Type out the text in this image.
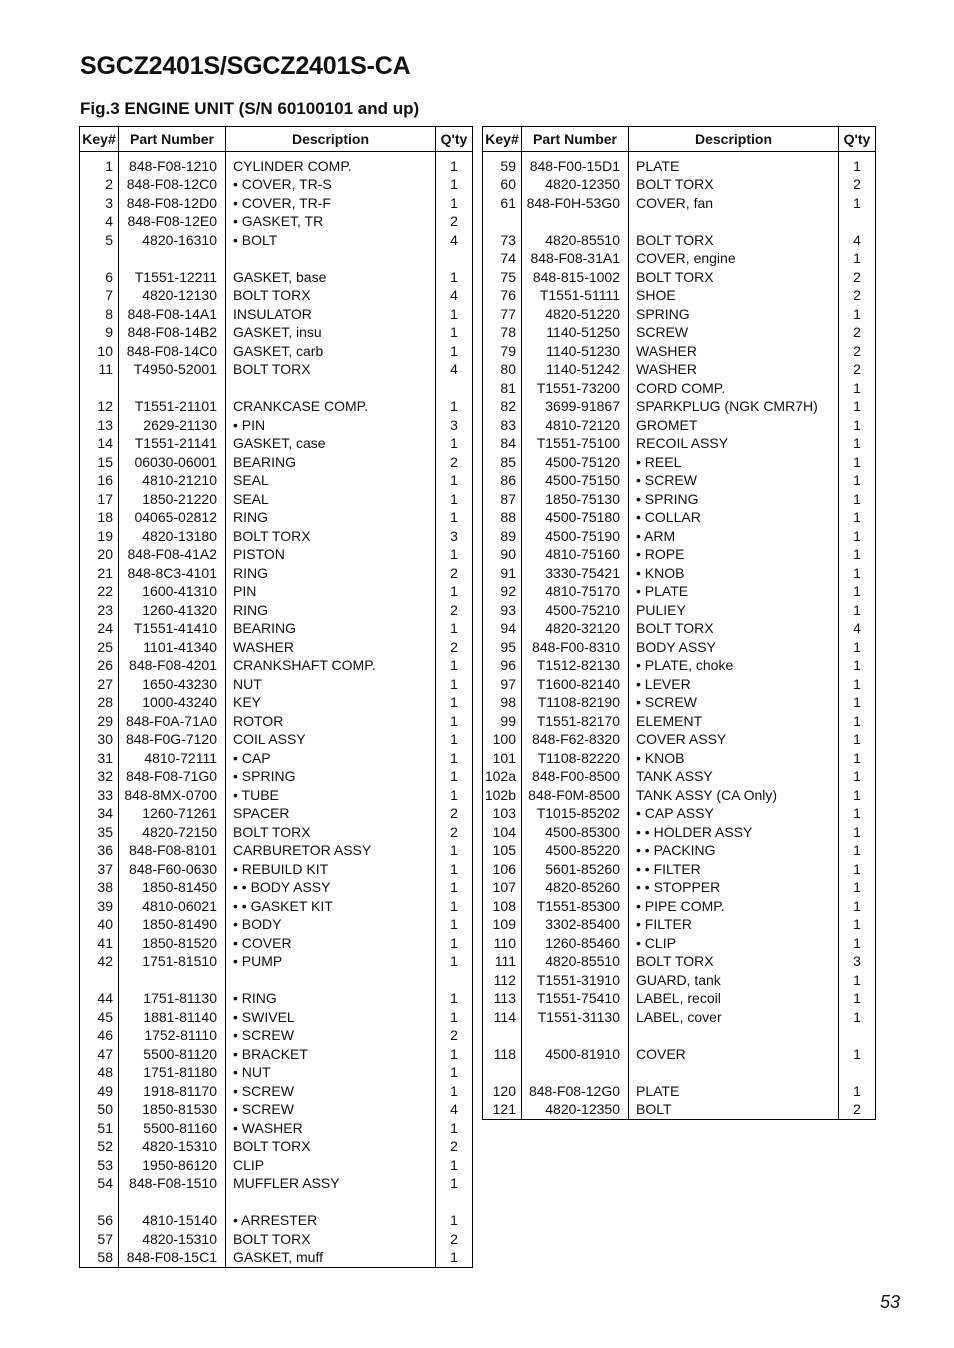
SGCZ2401S/SGCZ2401S-CA
Fig.3 ENGINE UNIT (S/N 60100101 and up)
Key#	Part Number	Description	Q'ty

1	848-F08-1210	CYLINDER COMP.	1
2	848-F08-12C0	• COVER, TR-S	1
3	848-F08-12D0	• COVER, TR-F	1
4	848-F08-12E0	• GASKET, TR	2
5	4820-16310	• BOLT	4

6	T1551-12211	GASKET, base	1
7	4820-12130	BOLT TORX	4
8	848-F08-14A1	INSULATOR	1
9	848-F08-14B2	GASKET, insu	1
10	848-F08-14C0	GASKET, carb	1
11	T4950-52001	BOLT TORX	4

12	T1551-21101	CRANKCASE COMP.	1
13	2629-21130	• PIN	3
14	T1551-21141	GASKET, case	1
15	06030-06001	BEARING	2
16	4810-21210	SEAL	1
17	1850-21220	SEAL	1
18	04065-02812	RING	1
19	4820-13180	BOLT TORX	3
20	848-F08-41A2	PISTON	1
21	848-8C3-4101	RING	2
22	1600-41310	PIN	1
23	1260-41320	RING	2
24	T1551-41410	BEARING	1
25	1101-41340	WASHER	2
26	848-F08-4201	CRANKSHAFT COMP.	1
27	1650-43230	NUT	1
28	1000-43240	KEY	1
29	848-F0A-71A0	ROTOR	1
30	848-F0G-7120	COIL ASSY	1
31	4810-72111	• CAP	1
32	848-F08-71G0	• SPRING	1
33	848-8MX-0700	• TUBE	1
34	1260-71261	SPACER	2
35	4820-72150	BOLT TORX	2
36	848-F08-8101	CARBURETOR ASSY	1
37	848-F60-0630	• REBUILD KIT	1
38	1850-81450	• • BODY ASSY	1
39	4810-06021	• • GASKET KIT	1
40	1850-81490	• BODY	1
41	1850-81520	• COVER	1
42	1751-81510	• PUMP	1

44	1751-81130	• RING	1
45	1881-81140	• SWIVEL	1
46	1752-81110	• SCREW	2
47	5500-81120	• BRACKET	1
48	1751-81180	• NUT	1
49	1918-81170	• SCREW	1
50	1850-81530	• SCREW	4
51	5500-81160	• WASHER	1
52	4820-15310	BOLT TORX	2
53	1950-86120	CLIP	1
54	848-F08-1510	MUFFLER ASSY	1

56	4810-15140	• ARRESTER	1
57	4820-15310	BOLT TORX	2
58	848-F08-15C1	GASKET, muff	1
Key#	Part Number	Description	Q'ty

59	848-F00-15D1	PLATE	1
60	4820-12350	BOLT TORX	2
61	848-F0H-53G0	COVER, fan	1

73	4820-85510	BOLT TORX	4
74	848-F08-31A1	COVER, engine	1
75	848-815-1002	BOLT TORX	2
76	T1551-51111	SHOE	2
77	4820-51220	SPRING	1
78	1140-51250	SCREW	2
79	1140-51230	WASHER	2
80	1140-51242	WASHER	2
81	T1551-73200	CORD COMP.	1
82	3699-91867	SPARKPLUG (NGK CMR7H)	1
83	4810-72120	GROMET	1
84	T1551-75100	RECOIL ASSY	1
85	4500-75120	• REEL	1
86	4500-75150	• SCREW	1
87	1850-75130	• SPRING	1
88	4500-75180	• COLLAR	1
89	4500-75190	• ARM	1
90	4810-75160	• ROPE	1
91	3330-75421	• KNOB	1
92	4810-75170	• PLATE	1
93	4500-75210	PULIEY	1
94	4820-32120	BOLT TORX	4
95	848-F00-8310	BODY ASSY	1
96	T1512-82130	• PLATE, choke	1
97	T1600-82140	• LEVER	1
98	T1108-82190	• SCREW	1
99	T1551-82170	ELEMENT	1
100	848-F62-8320	COVER ASSY	1
101	T1108-82220	• KNOB	1
102a	848-F00-8500	TANK ASSY	1
102b	848-F0M-8500	TANK ASSY (CA Only)	1
103	T1015-85202	• CAP ASSY	1
104	4500-85300	• • HOLDER ASSY	1
105	4500-85220	• • PACKING	1
106	5601-85260	• • FILTER	1
107	4820-85260	• • STOPPER	1
108	T1551-85300	• PIPE COMP.	1
109	3302-85400	• FILTER	1
110	1260-85460	• CLIP	1
111	4820-85510	BOLT TORX	3
112	T1551-31910	GUARD, tank	1
113	T1551-75410	LABEL, recoil	1
114	T1551-31130	LABEL, cover	1

118	4500-81910	COVER	1

120	848-F08-12G0	PLATE	1
121	4820-12350	BOLT	2

53
